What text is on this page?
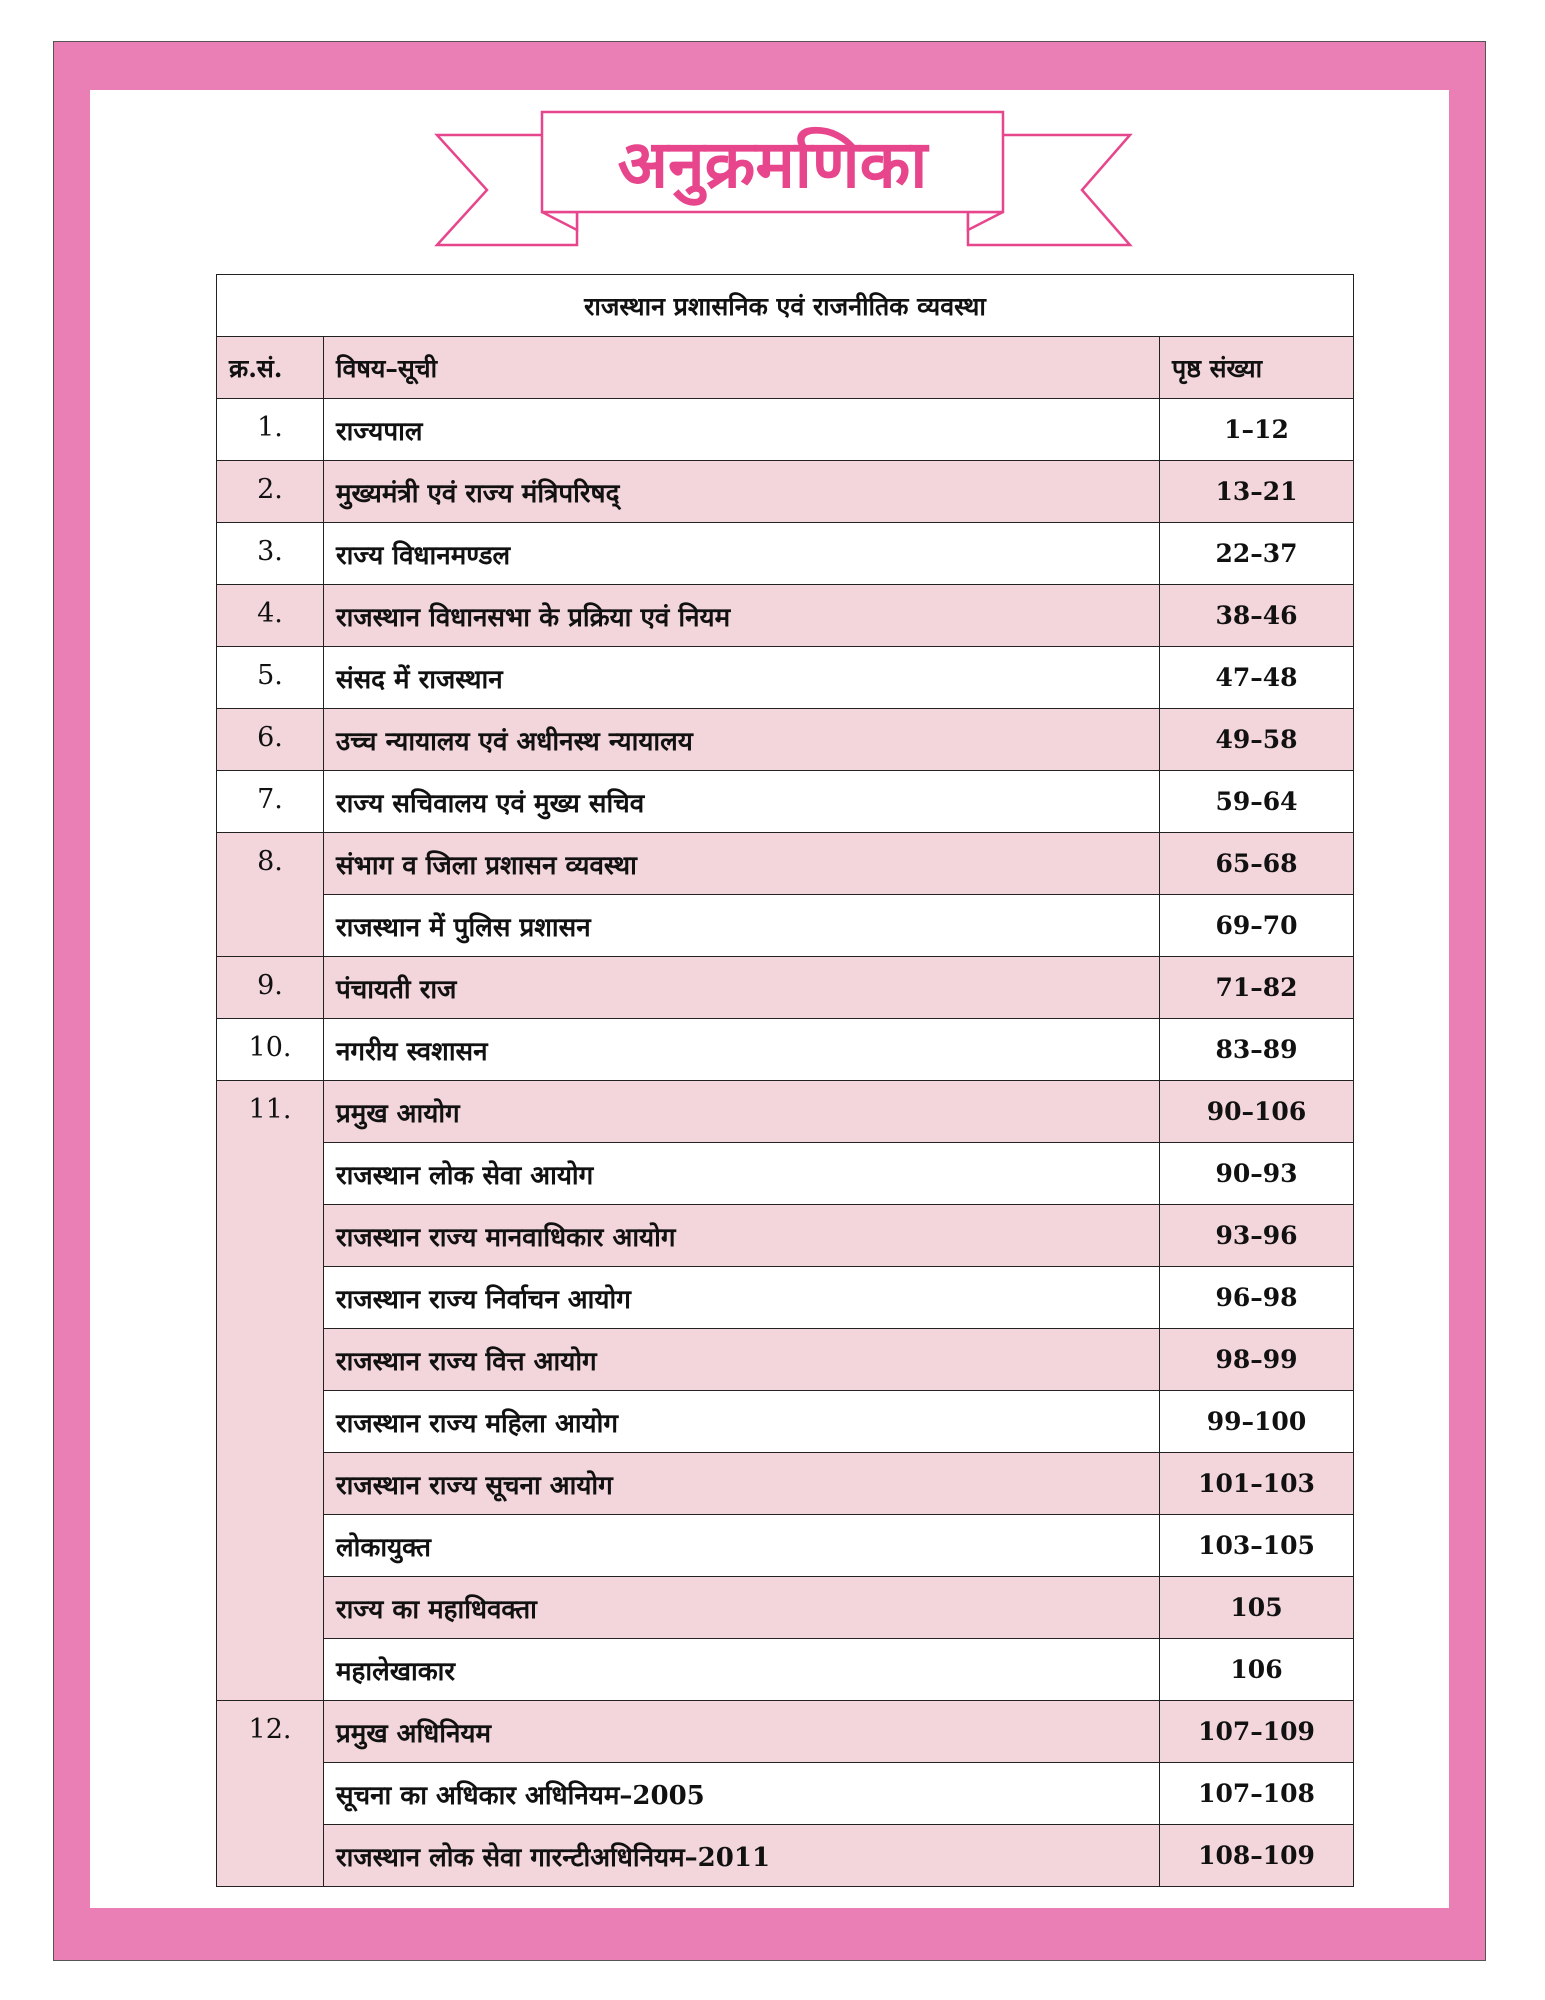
अनुक्रमणिका
राजस्थान प्रशासनिक एवं राजनीतिक व्यवस्था		
क्र.सं.	विषय–सूची	पृष्ठ संख्या
1.	राज्यपाल	1–12
2.	मुख्यमंत्री एवं राज्य मंत्रिपरिषद्	13–21
3.	राज्य विधानमण्डल	22–37
4.	राजस्थान विधानसभा के प्रक्रिया एवं नियम	38–46
5.	संसद में राजस्थान	47–48
6.	उच्च न्यायालय एवं अधीनस्थ न्यायालय	49–58
7.	राज्य सचिवालय एवं मुख्य सचिव	59–64
8.	संभाग व जिला प्रशासन व्यवस्था	65–68
	राजस्थान में पुलिस प्रशासन	69–70
9.	पंचायती राज	71–82
10.	नगरीय स्वशासन	83–89
11.	प्रमुख आयोग	90–106
	राजस्थान लोक सेवा आयोग	90–93
	राजस्थान राज्य मानवाधिकार आयोग	93–96
	राजस्थान राज्य निर्वाचन आयोग	96–98
	राजस्थान राज्य वित्त आयोग	98–99
	राजस्थान राज्य महिला आयोग	99–100
	राजस्थान राज्य सूचना आयोग	101–103
	लोकायुक्त	103–105
	राज्य का महाधिवक्ता	105
	महालेखाकार	106
12.	प्रमुख अधिनियम	107–109
	सूचना का अधिकार अधिनियम–2005	107–108
	राजस्थान लोक सेवा गारन्टीअधिनियम–2011	108–109
